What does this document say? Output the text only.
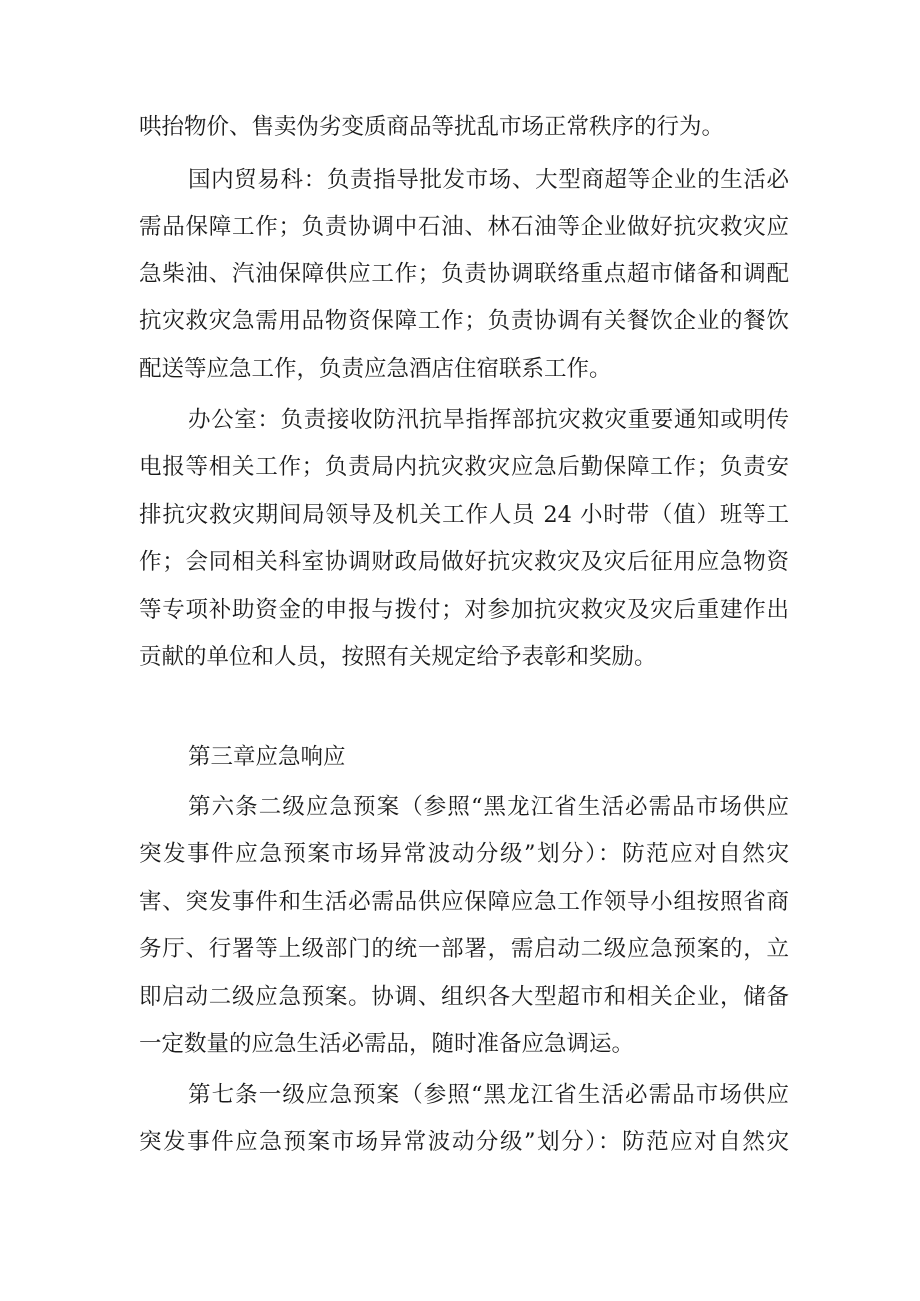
哄抬物价、售卖伪劣变质商品等扰乱市场正常秩序的行为。
国内贸易科：负责指导批发市场、大型商超等企业的生活必
需品保障工作；负责协调中石油、林石油等企业做好抗灾救灾应
急柴油、汽油保障供应工作；负责协调联络重点超市储备和调配
抗灾救灾急需用品物资保障工作；负责协调有关餐饮企业的餐饮
配送等应急工作，负责应急酒店住宿联系工作。
办公室：负责接收防汛抗旱指挥部抗灾救灾重要通知或明传
电报等相关工作；负责局内抗灾救灾应急后勤保障工作；负责安
排抗灾救灾期间局领导及机关工作人员 24 小时带（值）班等工
作；会同相关科室协调财政局做好抗灾救灾及灾后征用应急物资
等专项补助资金的申报与拨付；对参加抗灾救灾及灾后重建作出
贡献的单位和人员，按照有关规定给予表彰和奖励。
第三章应急响应
第六条二级应急预案（参照“黑龙江省生活必需品市场供应
突发事件应急预案市场异常波动分级”划分）：防范应对自然灾
害、突发事件和生活必需品供应保障应急工作领导小组按照省商
务厅、行署等上级部门的统一部署，需启动二级应急预案的，立
即启动二级应急预案。协调、组织各大型超市和相关企业，储备
一定数量的应急生活必需品，随时准备应急调运。
第七条一级应急预案（参照“黑龙江省生活必需品市场供应
突发事件应急预案市场异常波动分级”划分）：防范应对自然灾
